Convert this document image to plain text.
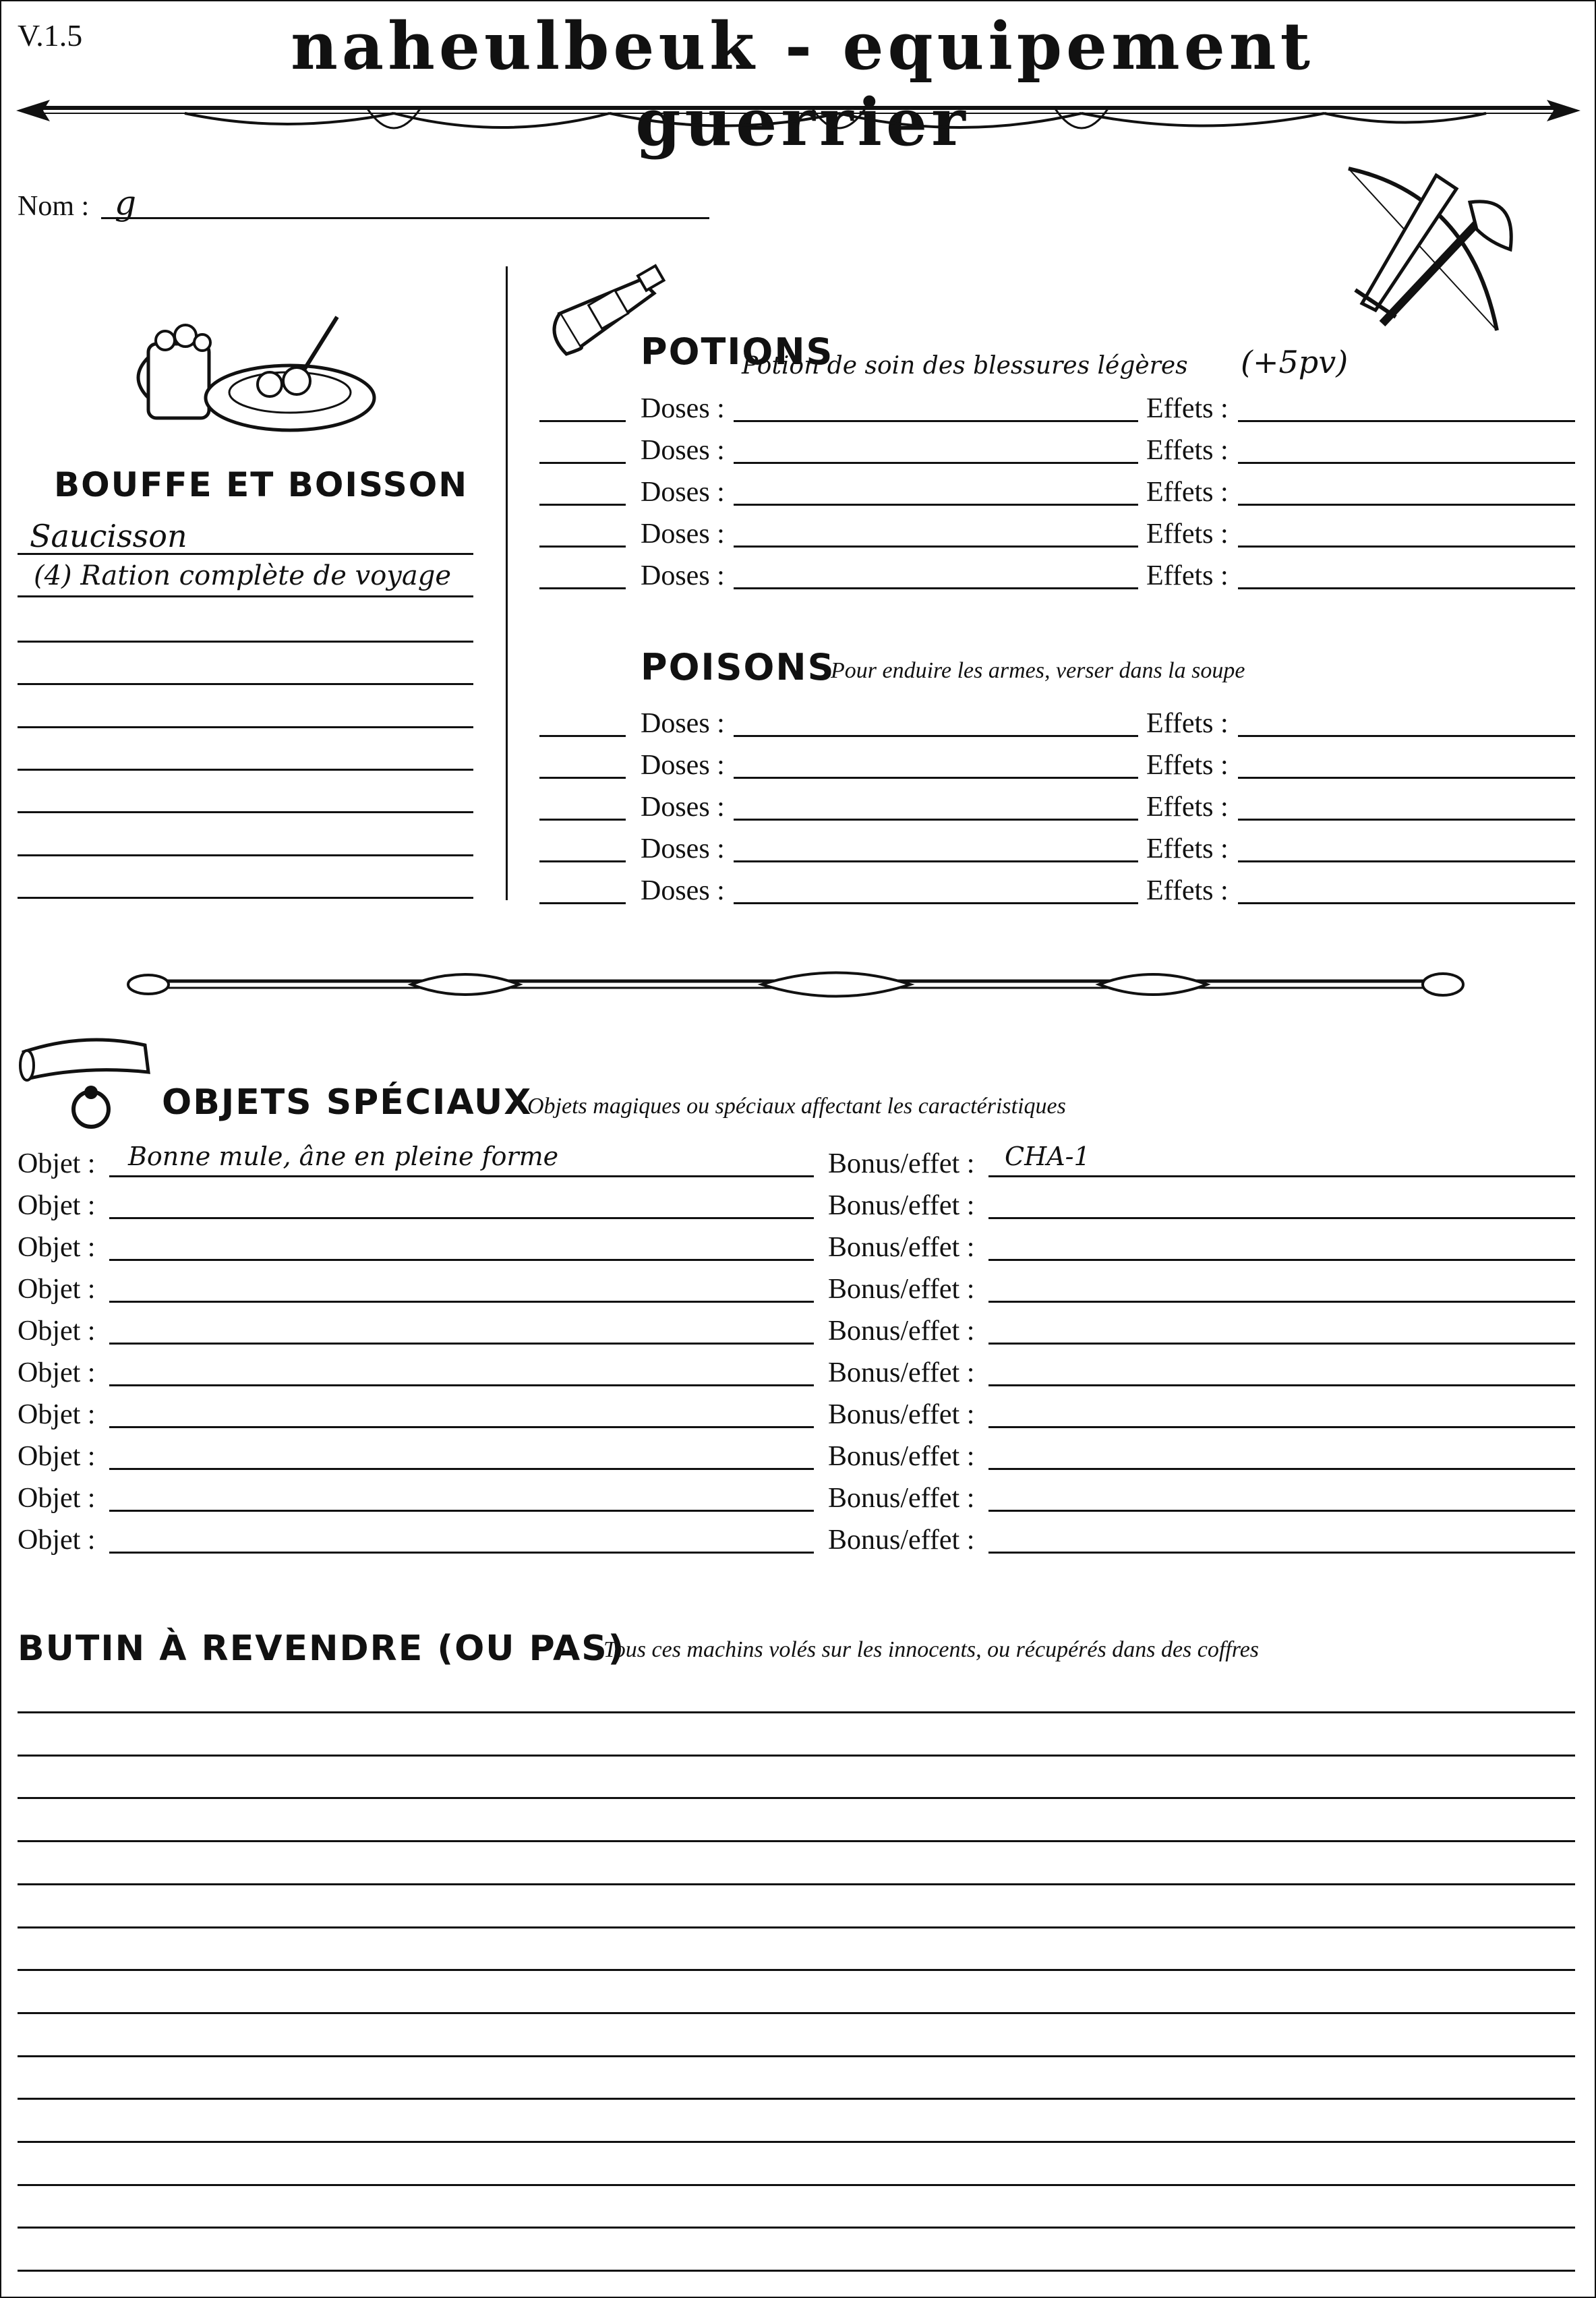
V.1.5	naheulbeuk - equipement guerrier
Nom : g
BOUFFE ET BOISSON
Saucisson
(4) Ration complète de voyage
POTIONS
Potion de soin des blessures légères (+5pv)
Doses :	Effets :
Doses :	Effets :
Doses :	Effets :
Doses :	Effets :
Doses :	Effets :
POISONS
Pour enduire les armes, verser dans la soupe
Doses :	Effets :
Doses :	Effets :
Doses :	Effets :
Doses :	Effets :
Doses :	Effets :
OBJETS SPÉCIAUX
Objets magiques ou spéciaux affectant les caractéristiques
Objet : Bonne mule, âne en pleine forme	Bonus/effet : CHA-1
Objet :	Bonus/effet :
Objet :	Bonus/effet :
Objet :	Bonus/effet :
Objet :	Bonus/effet :
Objet :	Bonus/effet :
Objet :	Bonus/effet :
Objet :	Bonus/effet :
Objet :	Bonus/effet :
Objet :	Bonus/effet :
BUTIN À REVENDRE (OU PAS)
Tous ces machins volés sur les innocents, ou récupérés dans des coffres
